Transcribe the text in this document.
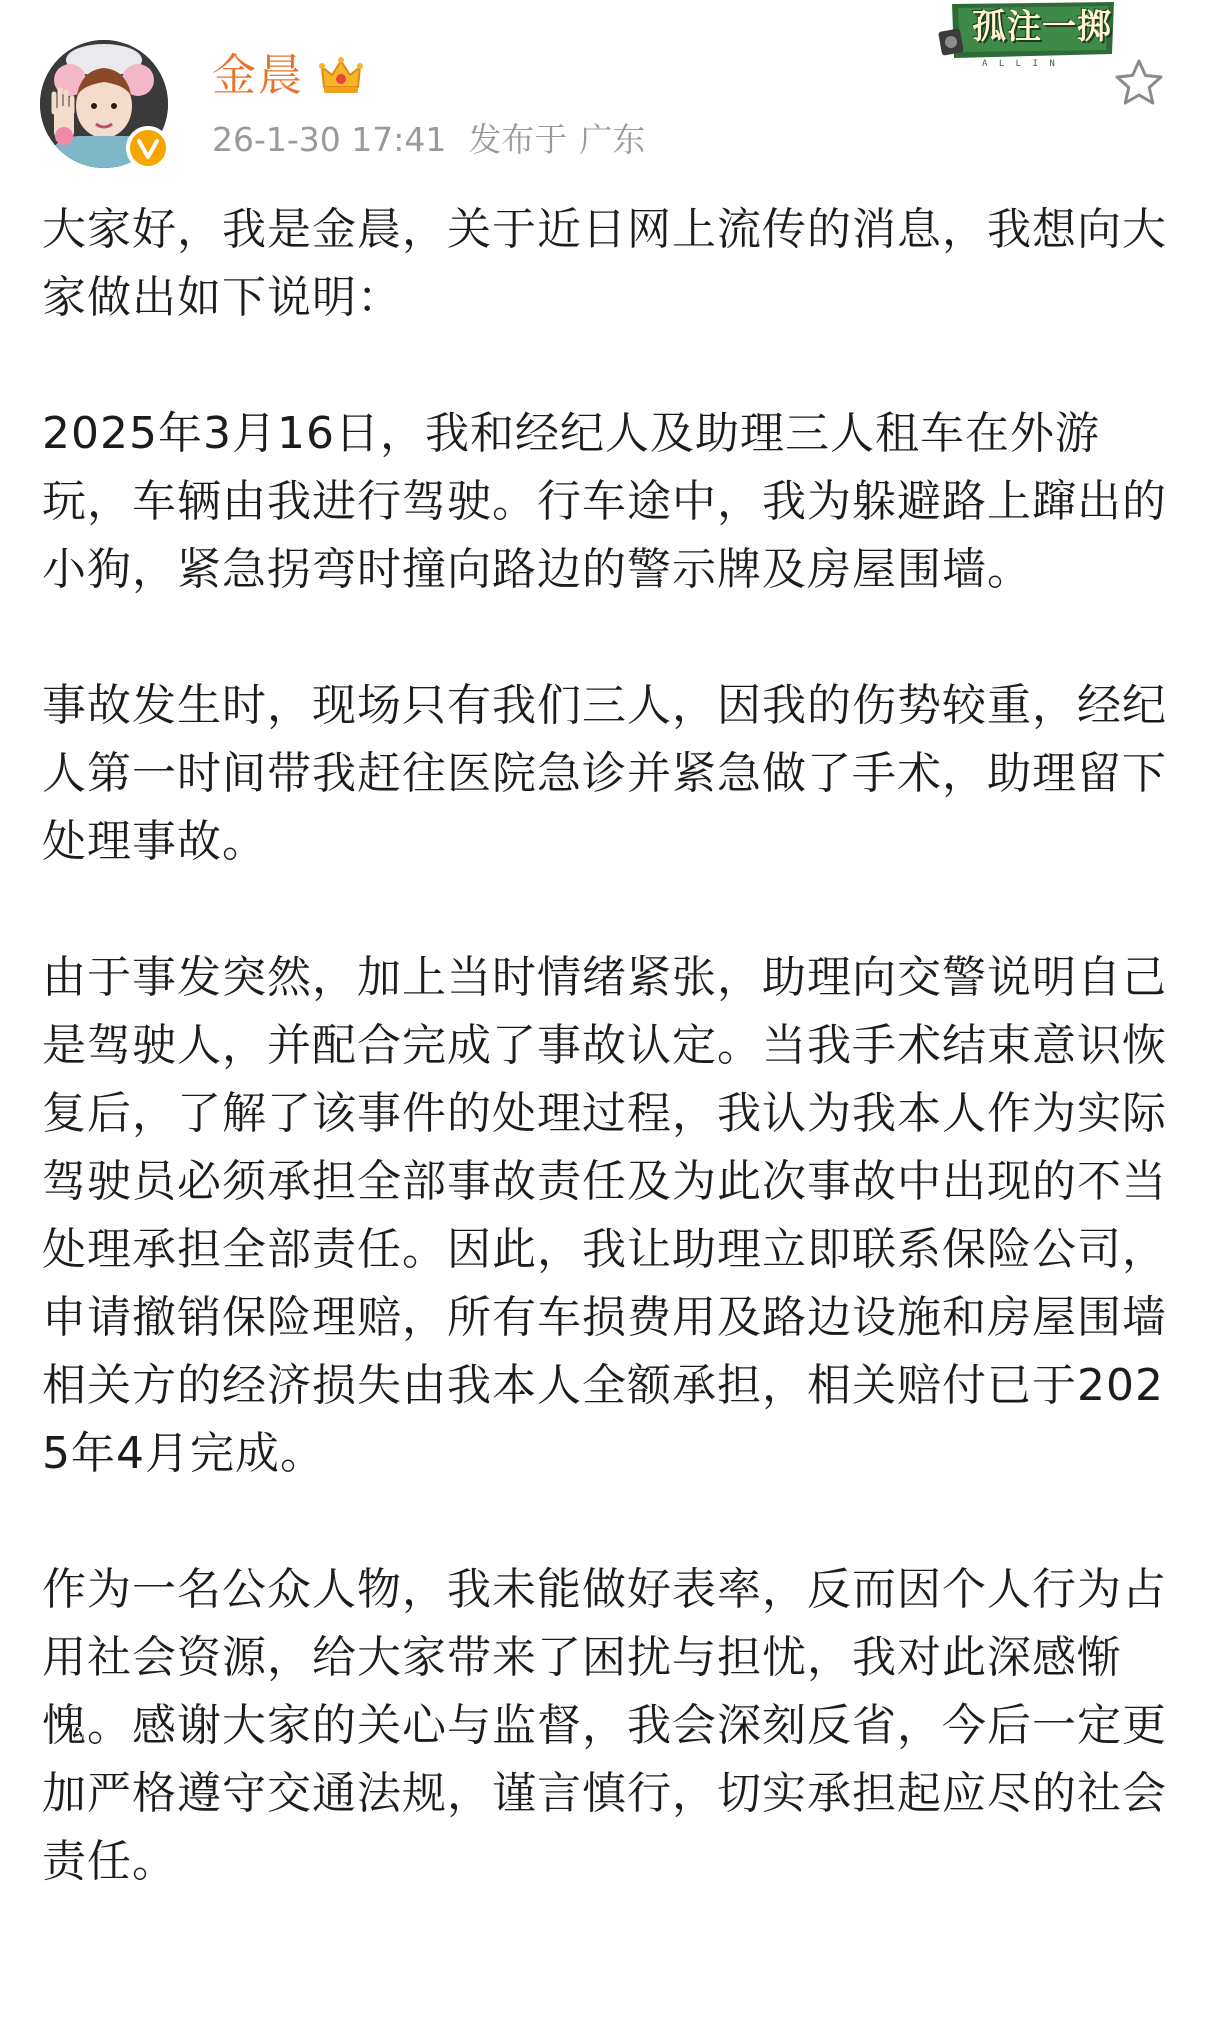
金晨
26-1-30 17:41 发布于 广东
A L L I N
孤注一掷

大家好，我是金晨，关于近日网上流传的消息，我想向大家做出如下说明：

2025年3月16日，我和经纪人及助理三人租车在外游玩，车辆由我进行驾驶。行车途中，我为躲避路上蹿出的小狗，紧急拐弯时撞向路边的警示牌及房屋围墙。

事故发生时，现场只有我们三人，因我的伤势较重，经纪人第一时间带我赶往医院急诊并紧急做了手术，助理留下处理事故。

由于事发突然，加上当时情绪紧张，助理向交警说明自己是驾驶人，并配合完成了事故认定。当我手术结束意识恢复后，了解了该事件的处理过程，我认为我本人作为实际驾驶员必须承担全部事故责任及为此次事故中出现的不当处理承担全部责任。因此，我让助理立即联系保险公司，申请撤销保险理赔，所有车损费用及路边设施和房屋围墙相关方的经济损失由我本人全额承担，相关赔付已于2025年4月完成。

作为一名公众人物，我未能做好表率，反而因个人行为占用社会资源，给大家带来了困扰与担忧，我对此深感惭愧。感谢大家的关心与监督，我会深刻反省，今后一定更加严格遵守交通法规，谨言慎行，切实承担起应尽的社会责任。
